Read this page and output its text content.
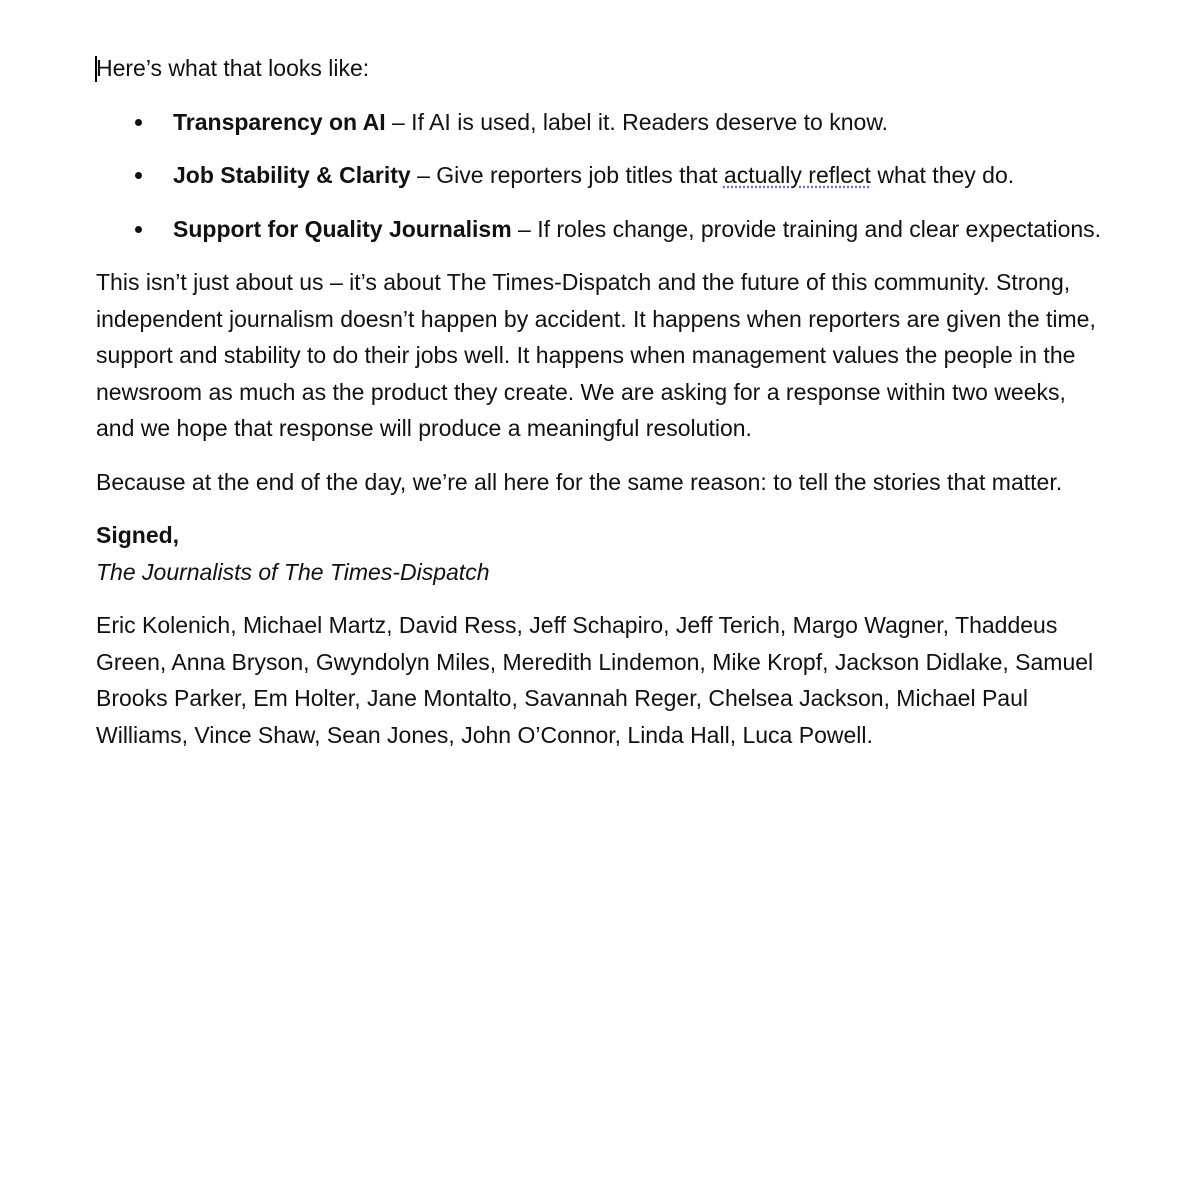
Here’s what that looks like:

Transparency on AI – If AI is used, label it. Readers deserve to know.
Job Stability & Clarity – Give reporters job titles that actually reflect what they do.
Support for Quality Journalism – If roles change, provide training and clear expectations.

This isn’t just about us – it’s about The Times-Dispatch and the future of this community. Strong, independent journalism doesn’t happen by accident. It happens when reporters are given the time, support and stability to do their jobs well. It happens when management values the people in the newsroom as much as the product they create. We are asking for a response within two weeks, and we hope that response will produce a meaningful resolution.

Because at the end of the day, we’re all here for the same reason: to tell the stories that matter.

Signed,

The Journalists of The Times-Dispatch

Eric Kolenich, Michael Martz, David Ress, Jeff Schapiro, Jeff Terich, Margo Wagner, Thaddeus Green, Anna Bryson, Gwyndolyn Miles, Meredith Lindemon, Mike Kropf, Jackson Didlake, Samuel Brooks Parker, Em Holter, Jane Montalto, Savannah Reger, Chelsea Jackson, Michael Paul Williams, Vince Shaw, Sean Jones, John O’Connor, Linda Hall, Luca Powell.
